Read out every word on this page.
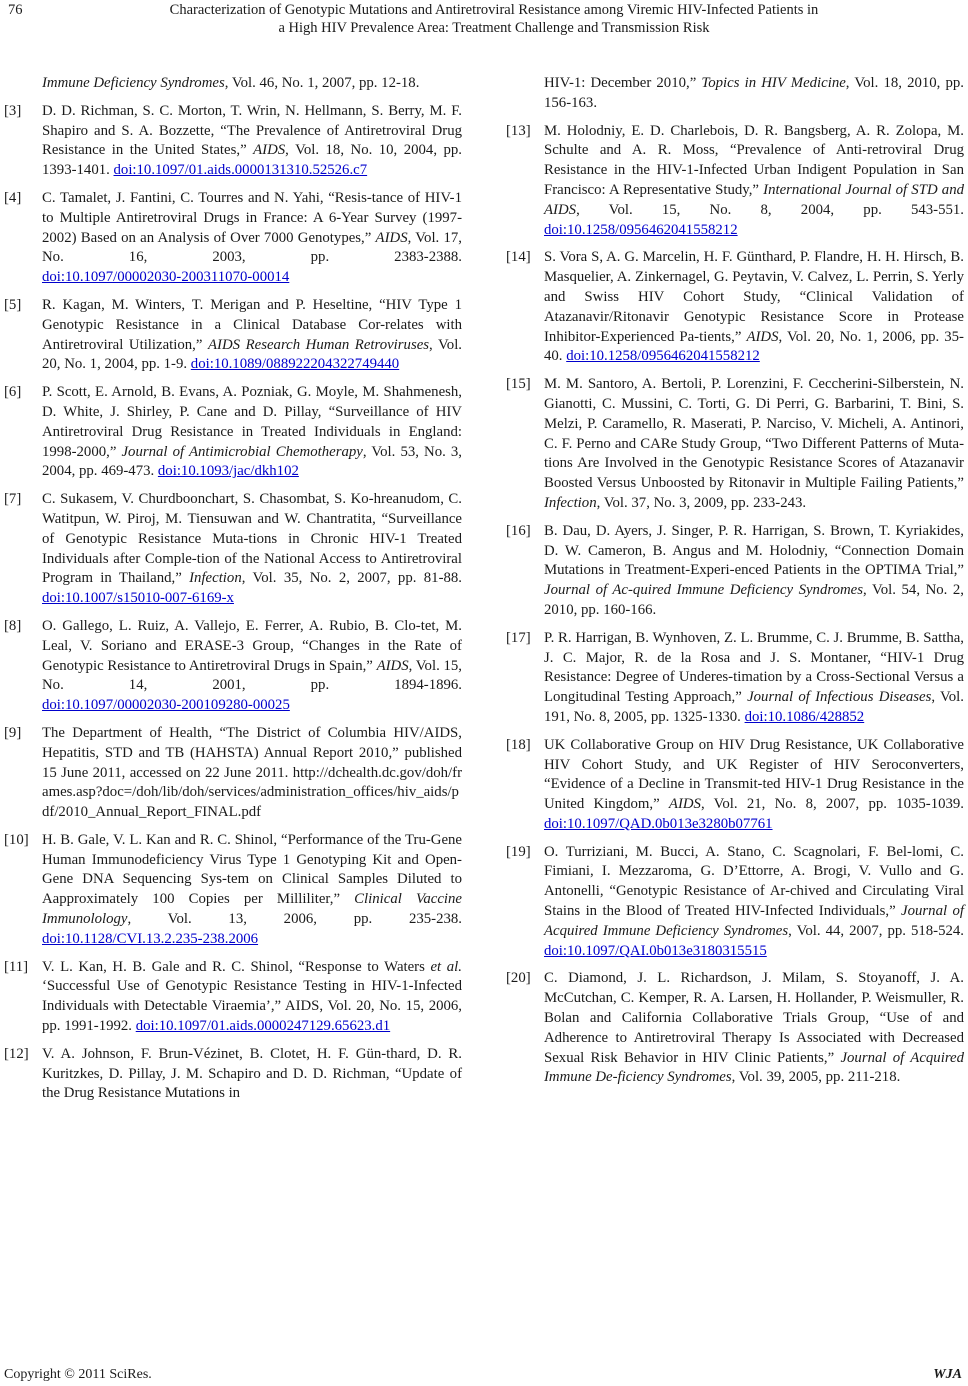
76	Characterization of Genotypic Mutations and Antiretroviral Resistance among Viremic HIV-Infected Patients in
a High HIV Prevalence Area: Treatment Challenge and Transmission Risk
Immune Deficiency Syndromes, Vol. 46, No. 1, 2007, pp. 12-18.
[3] D. D. Richman, S. C. Morton, T. Wrin, N. Hellmann, S. Berry, M. F. Shapiro and S. A. Bozzette, “The Prevalence of Antiretroviral Drug Resistance in the United States,” AIDS, Vol. 18, No. 10, 2004, pp. 1393-1401. doi:10.1097/01.aids.0000131310.52526.c7
[4] C. Tamalet, J. Fantini, C. Tourres and N. Yahi, “Resis-tance of HIV-1 to Multiple Antiretroviral Drugs in France: A 6-Year Survey (1997-2002) Based on an Analysis of Over 7000 Genotypes,” AIDS, Vol. 17, No. 16, 2003, pp. 2383-2388. doi:10.1097/00002030-200311070-00014
[5] R. Kagan, M. Winters, T. Merigan and P. Heseltine, “HIV Type 1 Genotypic Resistance in a Clinical Database Cor-relates with Antiretroviral Utilization,” AIDS Research Human Retroviruses, Vol. 20, No. 1, 2004, pp. 1-9. doi:10.1089/088922204322749440
[6] P. Scott, E. Arnold, B. Evans, A. Pozniak, G. Moyle, M. Shahmenesh, D. White, J. Shirley, P. Cane and D. Pillay, “Surveillance of HIV Antiretroviral Drug Resistance in Treated Individuals in England: 1998-2000,” Journal of Antimicrobial Chemotherapy, Vol. 53, No. 3, 2004, pp. 469-473. doi:10.1093/jac/dkh102
[7] C. Sukasem, V. Churdboonchart, S. Chasombat, S. Ko-hreanudom, C. Watitpun, W. Piroj, M. Tiensuwan and W. Chantratita, “Surveillance of Genotypic Resistance Muta-tions in Chronic HIV-1 Treated Individuals after Comple-tion of the National Access to Antiretroviral Program in Thailand,” Infection, Vol. 35, No. 2, 2007, pp. 81-88. doi:10.1007/s15010-007-6169-x
[8] O. Gallego, L. Ruiz, A. Vallejo, E. Ferrer, A. Rubio, B. Clo-tet, M. Leal, V. Soriano and ERASE-3 Group, “Changes in the Rate of Genotypic Resistance to Antiretroviral Drugs in Spain,” AIDS, Vol. 15, No. 14, 2001, pp. 1894-1896. doi:10.1097/00002030-200109280-00025
[9] The Department of Health, “The District of Columbia HIV/AIDS, Hepatitis, STD and TB (HAHSTA) Annual Report 2010,” published 15 June 2011, accessed on 22 June 2011. http://dchealth.dc.gov/doh/frames.asp?doc=/doh/lib/doh/services/administration_offices/hiv_aids/pdf/2010_Annual_Report_FINAL.pdf
[10] H. B. Gale, V. L. Kan and R. C. Shinol, “Performance of the Tru-Gene Human Immunodeficiency Virus Type 1 Genotyping Kit and Open-Gene DNA Sequencing Sys-tem on Clinical Samples Diluted to Aapproximately 100 Copies per Milliliter,” Clinical Vaccine Immunolology, Vol. 13, 2006, pp. 235-238. doi:10.1128/CVI.13.2.235-238.2006
[11] V. L. Kan, H. B. Gale and R. C. Shinol, “Response to Waters et al. ‘Successful Use of Genotypic Resistance Testing in HIV-1-Infected Individuals with Detectable Viraemia’,” AIDS, Vol. 20, No. 15, 2006, pp. 1991-1992. doi:10.1097/01.aids.0000247129.65623.d1
[12] V. A. Johnson, F. Brun-Vézinet, B. Clotet, H. F. Gün-thard, D. R. Kuritzkes, D. Pillay, J. M. Schapiro and D. D. Richman, “Update of the Drug Resistance Mutations in
HIV-1: December 2010,” Topics in HIV Medicine, Vol. 18, 2010, pp. 156-163.
[13] M. Holodniy, E. D. Charlebois, D. R. Bangsberg, A. R. Zolopa, M. Schulte and A. R. Moss, “Prevalence of Anti-retroviral Drug Resistance in the HIV-1-Infected Urban Indigent Population in San Francisco: A Representative Study,” International Journal of STD and AIDS, Vol. 15, No. 8, 2004, pp. 543-551. doi:10.1258/0956462041558212
[14] S. Vora S, A. G. Marcelin, H. F. Günthard, P. Flandre, H. H. Hirsch, B. Masquelier, A. Zinkernagel, G. Peytavin, V. Calvez, L. Perrin, S. Yerly and Swiss HIV Cohort Study, “Clinical Validation of Atazanavir/Ritonavir Genotypic Resistance Score in Protease Inhibitor-Experienced Pa-tients,” AIDS, Vol. 20, No. 1, 2006, pp. 35-40. doi:10.1258/0956462041558212
[15] M. M. Santoro, A. Bertoli, P. Lorenzini, F. Ceccherini-Silberstein, N. Gianotti, C. Mussini, C. Torti, G. Di Perri, G. Barbarini, T. Bini, S. Melzi, P. Caramello, R. Maserati, P. Narciso, V. Micheli, A. Antinori, C. F. Perno and CARe Study Group, “Two Different Patterns of Muta-tions Are Involved in the Genotypic Resistance Scores of Atazanavir Boosted Versus Unboosted by Ritonavir in Multiple Failing Patients,” Infection, Vol. 37, No. 3, 2009, pp. 233-243.
[16] B. Dau, D. Ayers, J. Singer, P. R. Harrigan, S. Brown, T. Kyriakides, D. W. Cameron, B. Angus and M. Holodniy, “Connection Domain Mutations in Treatment-Experi-enced Patients in the OPTIMA Trial,” Journal of Ac-quired Immune Deficiency Syndromes, Vol. 54, No. 2, 2010, pp. 160-166.
[17] P. R. Harrigan, B. Wynhoven, Z. L. Brumme, C. J. Brumme, B. Sattha, J. C. Major, R. de la Rosa and J. S. Montaner, “HIV-1 Drug Resistance: Degree of Underes-timation by a Cross-Sectional Versus a Longitudinal Testing Approach,” Journal of Infectious Diseases, Vol. 191, No. 8, 2005, pp. 1325-1330. doi:10.1086/428852
[18] UK Collaborative Group on HIV Drug Resistance, UK Collaborative HIV Cohort Study, and UK Register of HIV Seroconverters, “Evidence of a Decline in Transmit-ted HIV-1 Drug Resistance in the United Kingdom,” AIDS, Vol. 21, No. 8, 2007, pp. 1035-1039. doi:10.1097/QAD.0b013e3280b07761
[19] O. Turriziani, M. Bucci, A. Stano, C. Scagnolari, F. Bel-lomi, C. Fimiani, I. Mezzaroma, G. D’Ettorre, A. Brogi, V. Vullo and G. Antonelli, “Genotypic Resistance of Ar-chived and Circulating Viral Stains in the Blood of Treated HIV-Infected Individuals,” Journal of Acquired Immune Deficiency Syndromes, Vol. 44, 2007, pp. 518-524. doi:10.1097/QAI.0b013e3180315515
[20] C. Diamond, J. L. Richardson, J. Milam, S. Stoyanoff, J. A. McCutchan, C. Kemper, R. A. Larsen, H. Hollander, P. Weismuller, R. Bolan and California Collaborative Trials Group, “Use of and Adherence to Antiretroviral Therapy Is Associated with Decreased Sexual Risk Behavior in HIV Clinic Patients,” Journal of Acquired Immune De-ficiency Syndromes, Vol. 39, 2005, pp. 211-218.
Copyright © 2011 SciRes.	WJA
